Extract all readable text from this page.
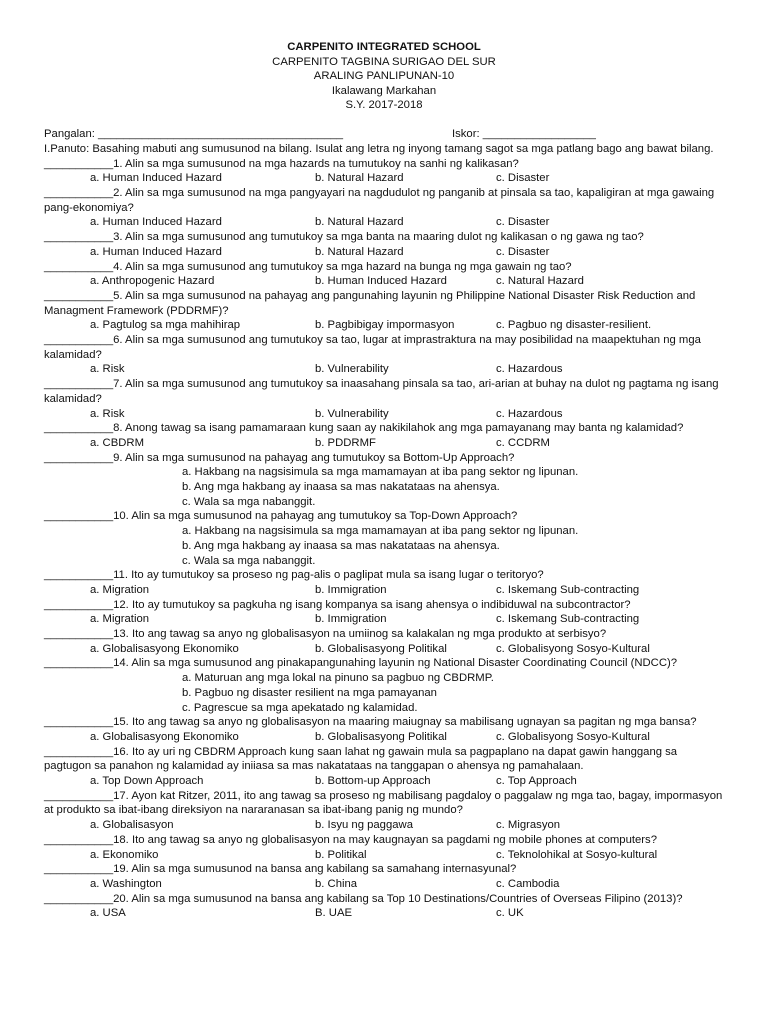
CARPENITO INTEGRATED SCHOOL
CARPENITO TAGBINA SURIGAO DEL SUR
ARALING PANLIPUNAN-10
Ikalawang Markahan
S.Y. 2017-2018
Pangalan: _______________________________________	Iskor: __________________
I.Panuto: Basahing mabuti ang sumusunod na bilang. Isulat ang letra ng inyong tamang sagot sa mga patlang bago ang bawat bilang.
___________1. Alin sa mga sumusunod na mga hazards na tumutukoy na sanhi ng kalikasan?
a. Human Induced Hazard	b. Natural Hazard	c. Disaster
___________2. Alin sa mga sumusunod na mga pangyayari na nagdudulot ng panganib at pinsala sa tao, kapaligiran at mga gawaing pang-ekonomiya?
a. Human Induced Hazard	b. Natural Hazard	c. Disaster
___________3. Alin sa mga sumusunod ang tumutukoy sa mga banta na maaring dulot ng kalikasan o ng gawa ng tao?
a. Human Induced Hazard	b. Natural Hazard	c. Disaster
___________4. Alin sa mga sumusunod ang tumutukoy sa mga hazard na bunga ng mga gawain ng tao?
a. Anthropogenic Hazard	b. Human Induced Hazard	c. Natural Hazard
___________5. Alin sa mga sumusunod na pahayag ang pangunahing layunin ng Philippine National Disaster Risk Reduction and Managment Framework (PDDRMF)?
a. Pagtulog sa mga mahihirap	b. Pagbibigay impormasyon	c. Pagbuo ng disaster-resilient.
___________6. Alin sa mga sumusunod ang tumutukoy sa tao, lugar at imprastraktura na may posibilidad na maapektuhan ng mga kalamidad?
a. Risk	b. Vulnerability	c. Hazardous
___________7. Alin sa mga sumusunod ang tumutukoy sa inaasahang pinsala sa tao, ari-arian at buhay na dulot ng pagtama ng isang kalamidad?
a. Risk	b. Vulnerability	c. Hazardous
___________8. Anong tawag sa isang pamamaraan kung saan ay nakikilahok ang mga pamayanang may banta ng kalamidad?
a. CBDRM	b. PDDRMF	c. CCDRM
___________9. Alin sa mga sumusunod na pahayag ang tumutukoy sa Bottom-Up Approach?
a. Hakbang na nagsisimula sa mga mamamayan at iba pang sektor ng lipunan.
b. Ang mga hakbang ay inaasa sa mas nakatataas na ahensya.
c. Wala sa mga nabanggit.
___________10. Alin sa mga sumusunod na pahayag ang tumutukoy sa Top-Down Approach?
a. Hakbang na nagsisimula sa mga mamamayan at iba pang sektor ng lipunan.
b. Ang mga hakbang ay inaasa sa mas nakatataas na ahensya.
c. Wala sa mga nabanggit.
___________11. Ito ay tumutukoy sa proseso ng pag-alis o paglipat mula sa isang lugar o teritoryo?
a. Migration	b. Immigration	c. Iskemang Sub-contracting
___________12. Ito ay tumutukoy sa pagkuha ng isang kompanya sa isang ahensya o indibiduwal na subcontractor?
a. Migration	b. Immigration	c. Iskemang Sub-contracting
___________13. Ito ang tawag sa anyo ng globalisasyon na umiinog sa kalakalan ng mga produkto at serbisyo?
a. Globalisasyong Ekonomiko	b. Globalisasyong Politikal	c. Globalisyong Sosyo-Kultural
___________14. Alin sa mga sumusunod ang pinakapangunahing layunin ng National Disaster Coordinating Council (NDCC)?
a. Maturuan ang mga lokal na pinuno sa pagbuo ng CBDRMP.
b. Pagbuo ng disaster resilient na mga pamayanan
c. Pagrescue sa mga apekatado ng kalamidad.
___________15. Ito ang tawag sa anyo ng globalisasyon na maaring maiugnay sa mabilisang ugnayan sa pagitan ng mga bansa?
a. Globalisasyong Ekonomiko	b. Globalisasyong Politikal	c. Globalisyong Sosyo-Kultural
___________16. Ito ay uri ng CBDRM Approach kung saan lahat ng gawain mula sa pagpaplano na dapat gawin hanggang sa pagtugon sa panahon ng kalamidad ay iniiasa sa mas nakatataas na tanggapan o ahensya ng pamahalaan.
a. Top Down Approach	b. Bottom-up Approach	c. Top Approach
___________17. Ayon kat Ritzer, 2011, ito ang tawag sa proseso ng mabilisang pagdaloy o paggalaw ng mga tao, bagay, impormasyon at produkto sa ibat-ibang direksiyon na nararanasan sa ibat-ibang panig ng mundo?
a. Globalisasyon	b. Isyu ng paggawa	c. Migrasyon
___________18. Ito ang tawag sa anyo ng globalisasyon na may kaugnayan sa pagdami ng mobile phones at computers?
a. Ekonomiko	b. Politikal	c. Teknolohikal at Sosyo-kultural
___________19. Alin sa mga sumusunod na bansa ang kabilang sa samahang internasyunal?
a. Washington	b. China	c. Cambodia
___________20. Alin sa mga sumusunod na bansa ang kabilang sa Top 10 Destinations/Countries of Overseas Filipino (2013)?
a. USA	B. UAE	c. UK
